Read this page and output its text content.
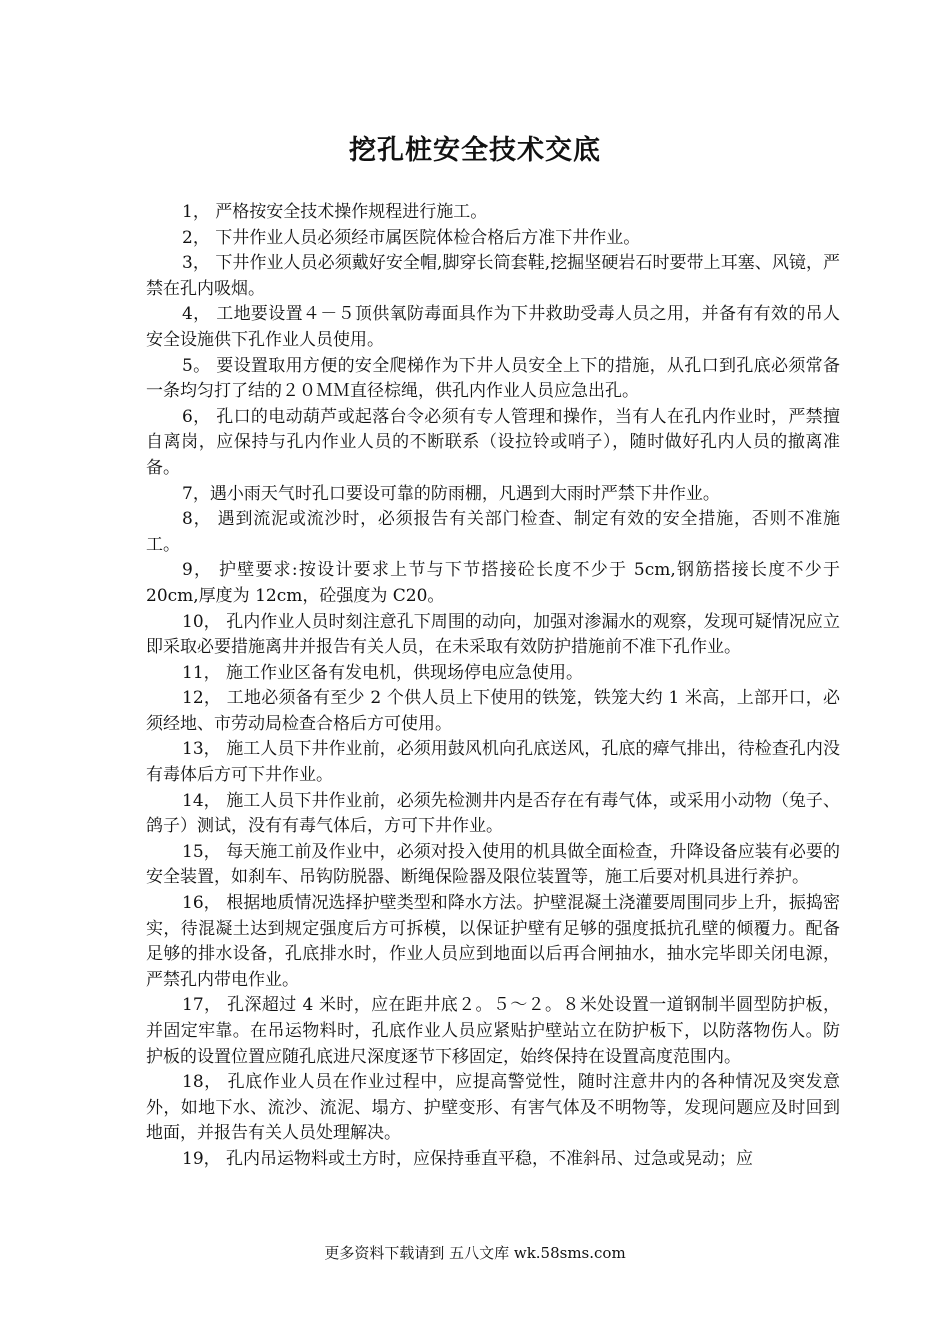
挖孔桩安全技术交底

1， 严格按安全技术操作规程进行施工。

2， 下井作业人员必须经市属医院体检合格后方准下井作业。

3， 下井作业人员必须戴好安全帽,脚穿长筒套鞋,挖掘坚硬岩石时要带上耳塞、风镜，严禁在孔内吸烟。

4， 工地要设置４－５顶供氧防毒面具作为下井救助受毒人员之用，并备有有效的吊人安全设施供下孔作业人员使用。

5。 要设置取用方便的安全爬梯作为下井人员安全上下的措施，从孔口到孔底必须常备一条均匀打了结的２０ＭＭ直径棕绳，供孔内作业人员应急出孔。

6， 孔口的电动葫芦或起落台令必须有专人管理和操作，当有人在孔内作业时，严禁擅自离岗，应保持与孔内作业人员的不断联系（设拉铃或哨子），随时做好孔内人员的撤离准备。

7，遇小雨天气时孔口要设可靠的防雨棚，凡遇到大雨时严禁下井作业。

8， 遇到流泥或流沙时，必须报告有关部门检查、制定有效的安全措施，否则不准施工。

9， 护壁要求:按设计要求上节与下节搭接砼长度不少于 5cm,钢筋搭接长度不少于 20cm,厚度为 12cm，砼强度为 C20。

10， 孔内作业人员时刻注意孔下周围的动向，加强对渗漏水的观察，发现可疑情况应立即采取必要措施离井并报告有关人员，在未采取有效防护措施前不准下孔作业。

11， 施工作业区备有发电机，供现场停电应急使用。

12， 工地必须备有至少 2 个供人员上下使用的铁笼，铁笼大约 1 米高，上部开口，必须经地、市劳动局检查合格后方可使用。

13， 施工人员下井作业前，必须用鼓风机向孔底送风，孔底的瘴气排出，待检查孔内没有毒体后方可下井作业。

14， 施工人员下井作业前，必须先检测井内是否存在有毒气体，或采用小动物（兔子、鸽子）测试，没有有毒气体后，方可下井作业。

15， 每天施工前及作业中，必须对投入使用的机具做全面检查，升降设备应装有必要的安全装置，如刹车、吊钩防脱器、断绳保险器及限位装置等，施工后要对机具进行养护。

16， 根据地质情况选择护壁类型和降水方法。护壁混凝土浇灌要周围同步上升，振捣密实，待混凝土达到规定强度后方可拆模，以保证护壁有足够的强度抵抗孔壁的倾覆力。配备足够的排水设备，孔底排水时，作业人员应到地面以后再合闸抽水，抽水完毕即关闭电源，严禁孔内带电作业。

17， 孔深超过 4 米时，应在距井底２。５～２。８米处设置一道钢制半圆型防护板，并固定牢靠。在吊运物料时，孔底作业人员应紧贴护壁站立在防护板下，以防落物伤人。防护板的设置位置应随孔底进尺深度逐节下移固定，始终保持在设置高度范围内。

18， 孔底作业人员在作业过程中，应提高警觉性，随时注意井内的各种情况及突发意外，如地下水、流沙、流泥、塌方、护壁变形、有害气体及不明物等，发现问题应及时回到地面，并报告有关人员处理解决。

19， 孔内吊运物料或土方时，应保持垂直平稳，不准斜吊、过急或晃动；应

更多资料下载请到 五八文库 wk.58sms.com
